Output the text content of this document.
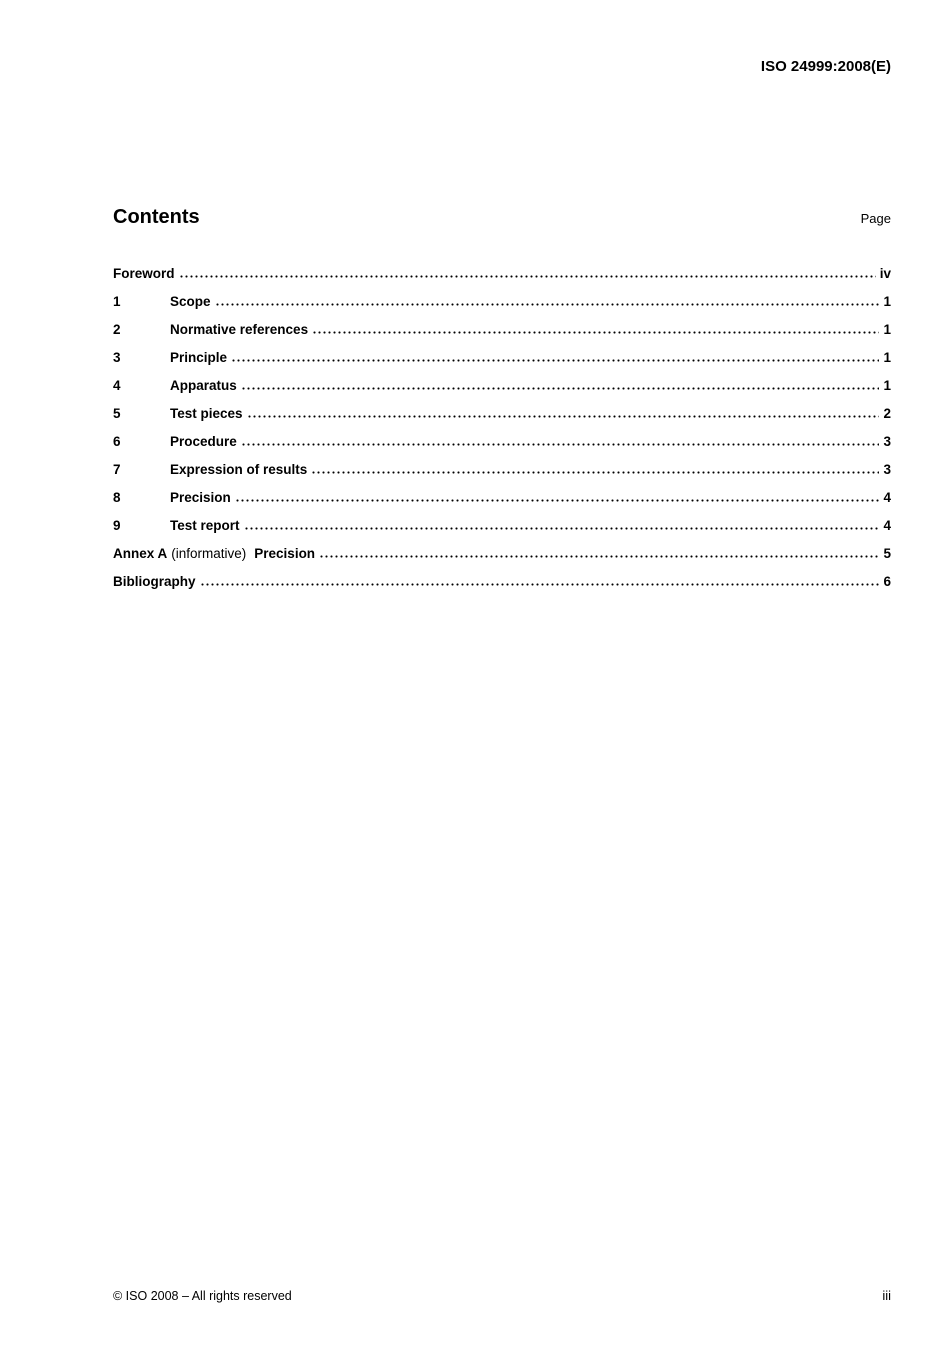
ISO 24999:2008(E)
Contents	Page
Foreword	iv
1	Scope	1
2	Normative references	1
3	Principle	1
4	Apparatus	1
5	Test pieces	2
6	Procedure	3
7	Expression of results	3
8	Precision	4
9	Test report	4
Annex A (informative) Precision	5
Bibliography	6
© ISO 2008 – All rights reserved	iii
